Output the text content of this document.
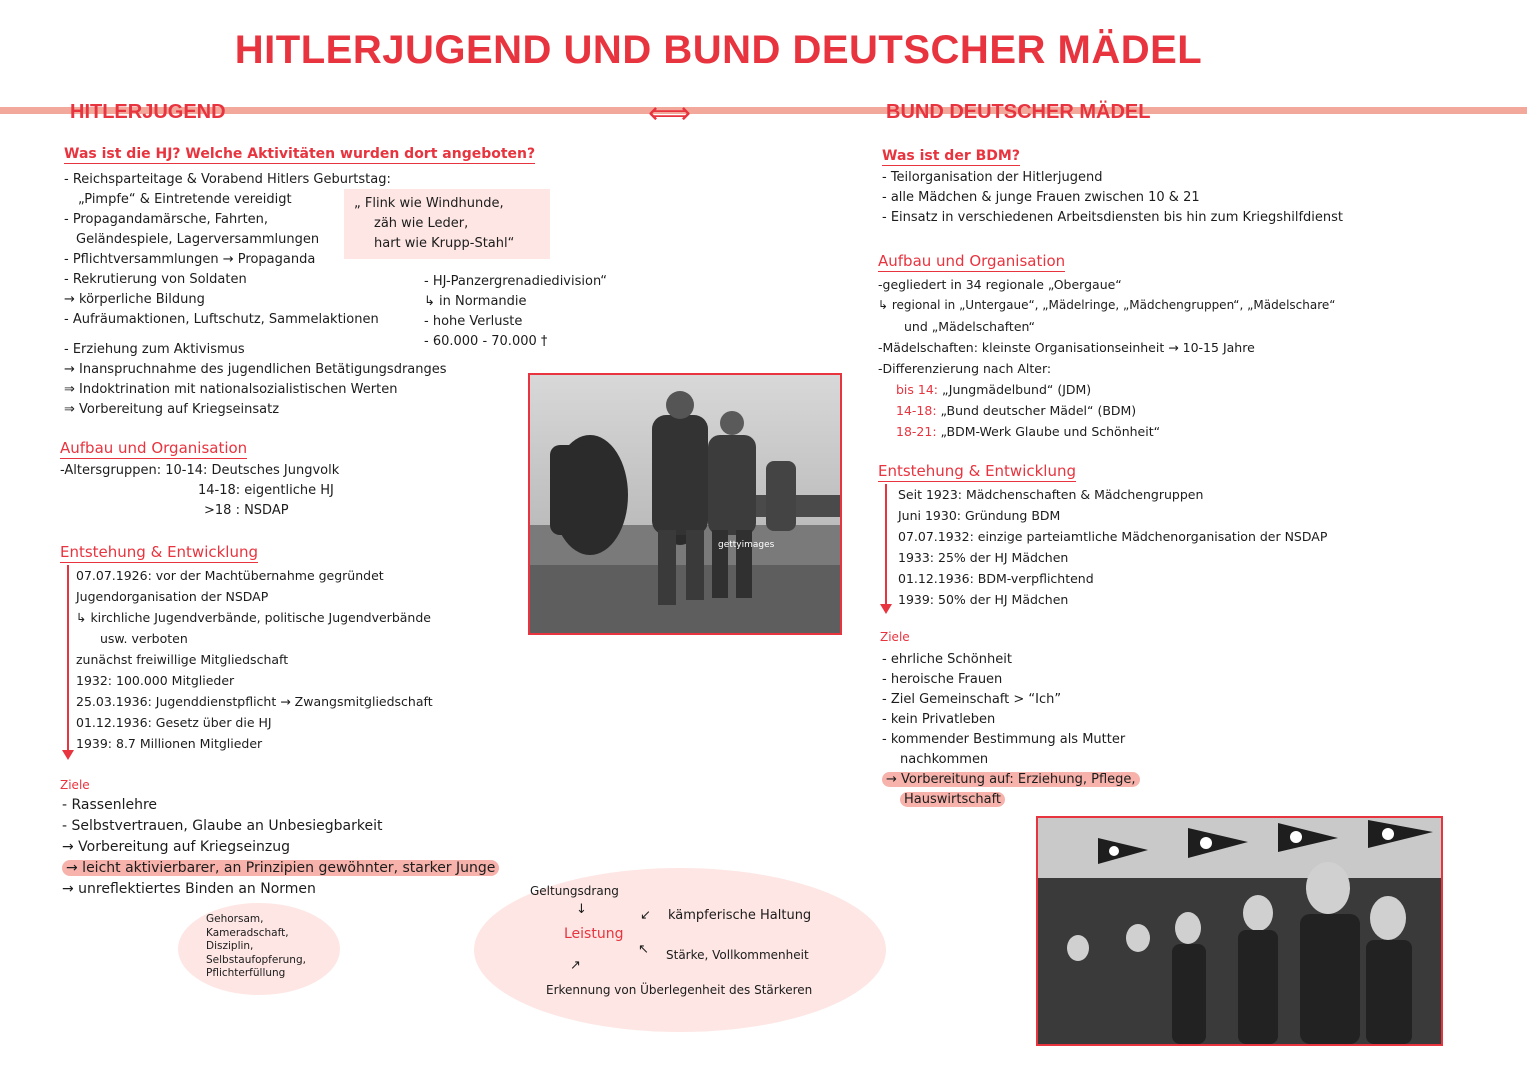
HITLERJUGEND UND BUND DEUTSCHER MÄDEL
HITLERJUGEND	⟺	BUND DEUTSCHER MÄDEL
Was ist die HJ? Welche Aktivitäten wurden dort angeboten?
- Reichsparteitage & Vorabend Hitlers Geburtstag:
„Pimpfe“ & Eintretende vereidigt
- Propagandamärsche, Fahrten,
Geländespiele, Lagerversammlungen
- Pflichtversammlungen → Propaganda
- Rekrutierung von Soldaten
→ körperliche Bildung
- Aufräumaktionen, Luftschutz, Sammelaktionen
„ Flink wie Windhunde,
zäh wie Leder,
hart wie Krupp-Stahl“
- HJ-Panzergrenadiedivision“
↳ in Normandie
- hohe Verluste
- 60.000 - 70.000 †
- Erziehung zum Aktivismus
→ Inanspruchnahme des jugendlichen Betätigungsdranges
⇒ Indoktrination mit nationalsozialistischen Werten
⇒ Vorbereitung auf Kriegseinsatz
Aufbau und Organisation
-Altersgruppen: 10-14: Deutsches Jungvolk
14-18: eigentliche HJ
>18 : NSDAP
Entstehung & Entwicklung
07.07.1926: vor der Machtübernahme gegründet
Jugendorganisation der NSDAP
↳ kirchliche Jugendverbände, politische Jugendverbände
usw. verboten
zunächst freiwillige Mitgliedschaft
1932: 100.000 Mitglieder
25.03.1936: Jugenddienstpflicht → Zwangsmitgliedschaft
01.12.1936: Gesetz über die HJ
1939: 8.7 Millionen Mitglieder
Ziele
- Rassenlehre
- Selbstvertrauen, Glaube an Unbesiegbarkeit
→ Vorbereitung auf Kriegseinzug
→ leicht aktivierbarer, an Prinzipien gewöhnter, starker Junge
→ unreflektiertes Binden an Normen
Gehorsam,
Kameradschaft,
Disziplin,
Selbstaufopferung,
Pflichterfüllung
Geltungsdrang
↓
Leistung
↙ kämpferische Haltung
↖ Stärke, Vollkommenheit
↗
Erkennung von Überlegenheit des Stärkeren
gettyimages
Was ist der BDM?
- Teilorganisation der Hitlerjugend
- alle Mädchen & junge Frauen zwischen 10 & 21
- Einsatz in verschiedenen Arbeitsdiensten bis hin zum Kriegshilfdienst
Aufbau und Organisation
-gegliedert in 34 regionale „Obergaue“
↳ regional in „Untergaue“, „Mädelringe, „Mädchengruppen“, „Mädelschare“
und „Mädelschaften“
-Mädelschaften: kleinste Organisationseinheit → 10-15 Jahre
-Differenzierung nach Alter:
bis 14: „Jungmädelbund“ (JDM)
14-18: „Bund deutscher Mädel“ (BDM)
18-21: „BDM-Werk Glaube und Schönheit“
Entstehung & Entwicklung
Seit 1923: Mädchenschaften & Mädchengruppen
Juni 1930: Gründung BDM
07.07.1932: einzige parteiamtliche Mädchenorganisation der NSDAP
1933: 25% der HJ Mädchen
01.12.1936: BDM-verpflichtend
1939: 50% der HJ Mädchen
Ziele
- ehrliche Schönheit
- heroische Frauen
- Ziel Gemeinschaft > “Ich”
- kein Privatleben
- kommender Bestimmung als Mutter
nachkommen
→ Vorbereitung auf: Erziehung, Pflege,
Hauswirtschaft
